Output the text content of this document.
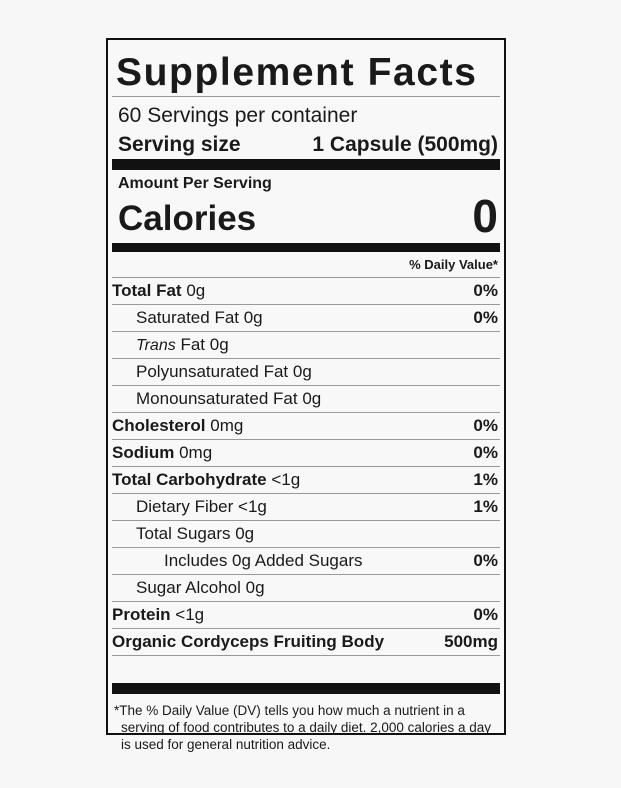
Supplement Facts
60 Servings per container
Serving size	1 Capsule (500mg)
Amount Per Serving
Calories	0
% Daily Value*
Total Fat 0g	0%
Saturated Fat 0g	0%
Trans Fat 0g
Polyunsaturated Fat 0g
Monounsaturated Fat 0g
Cholesterol 0mg	0%
Sodium 0mg	0%
Total Carbohydrate <1g	1%
Dietary Fiber <1g	1%
Total Sugars 0g
Includes 0g Added Sugars	0%
Sugar Alcohol 0g
Protein <1g	0%
Organic Cordyceps Fruiting Body	500mg
*The % Daily Value (DV) tells you how much a nutrient in a serving of food contributes to a daily diet. 2,000 calories a day is used for general nutrition advice.
